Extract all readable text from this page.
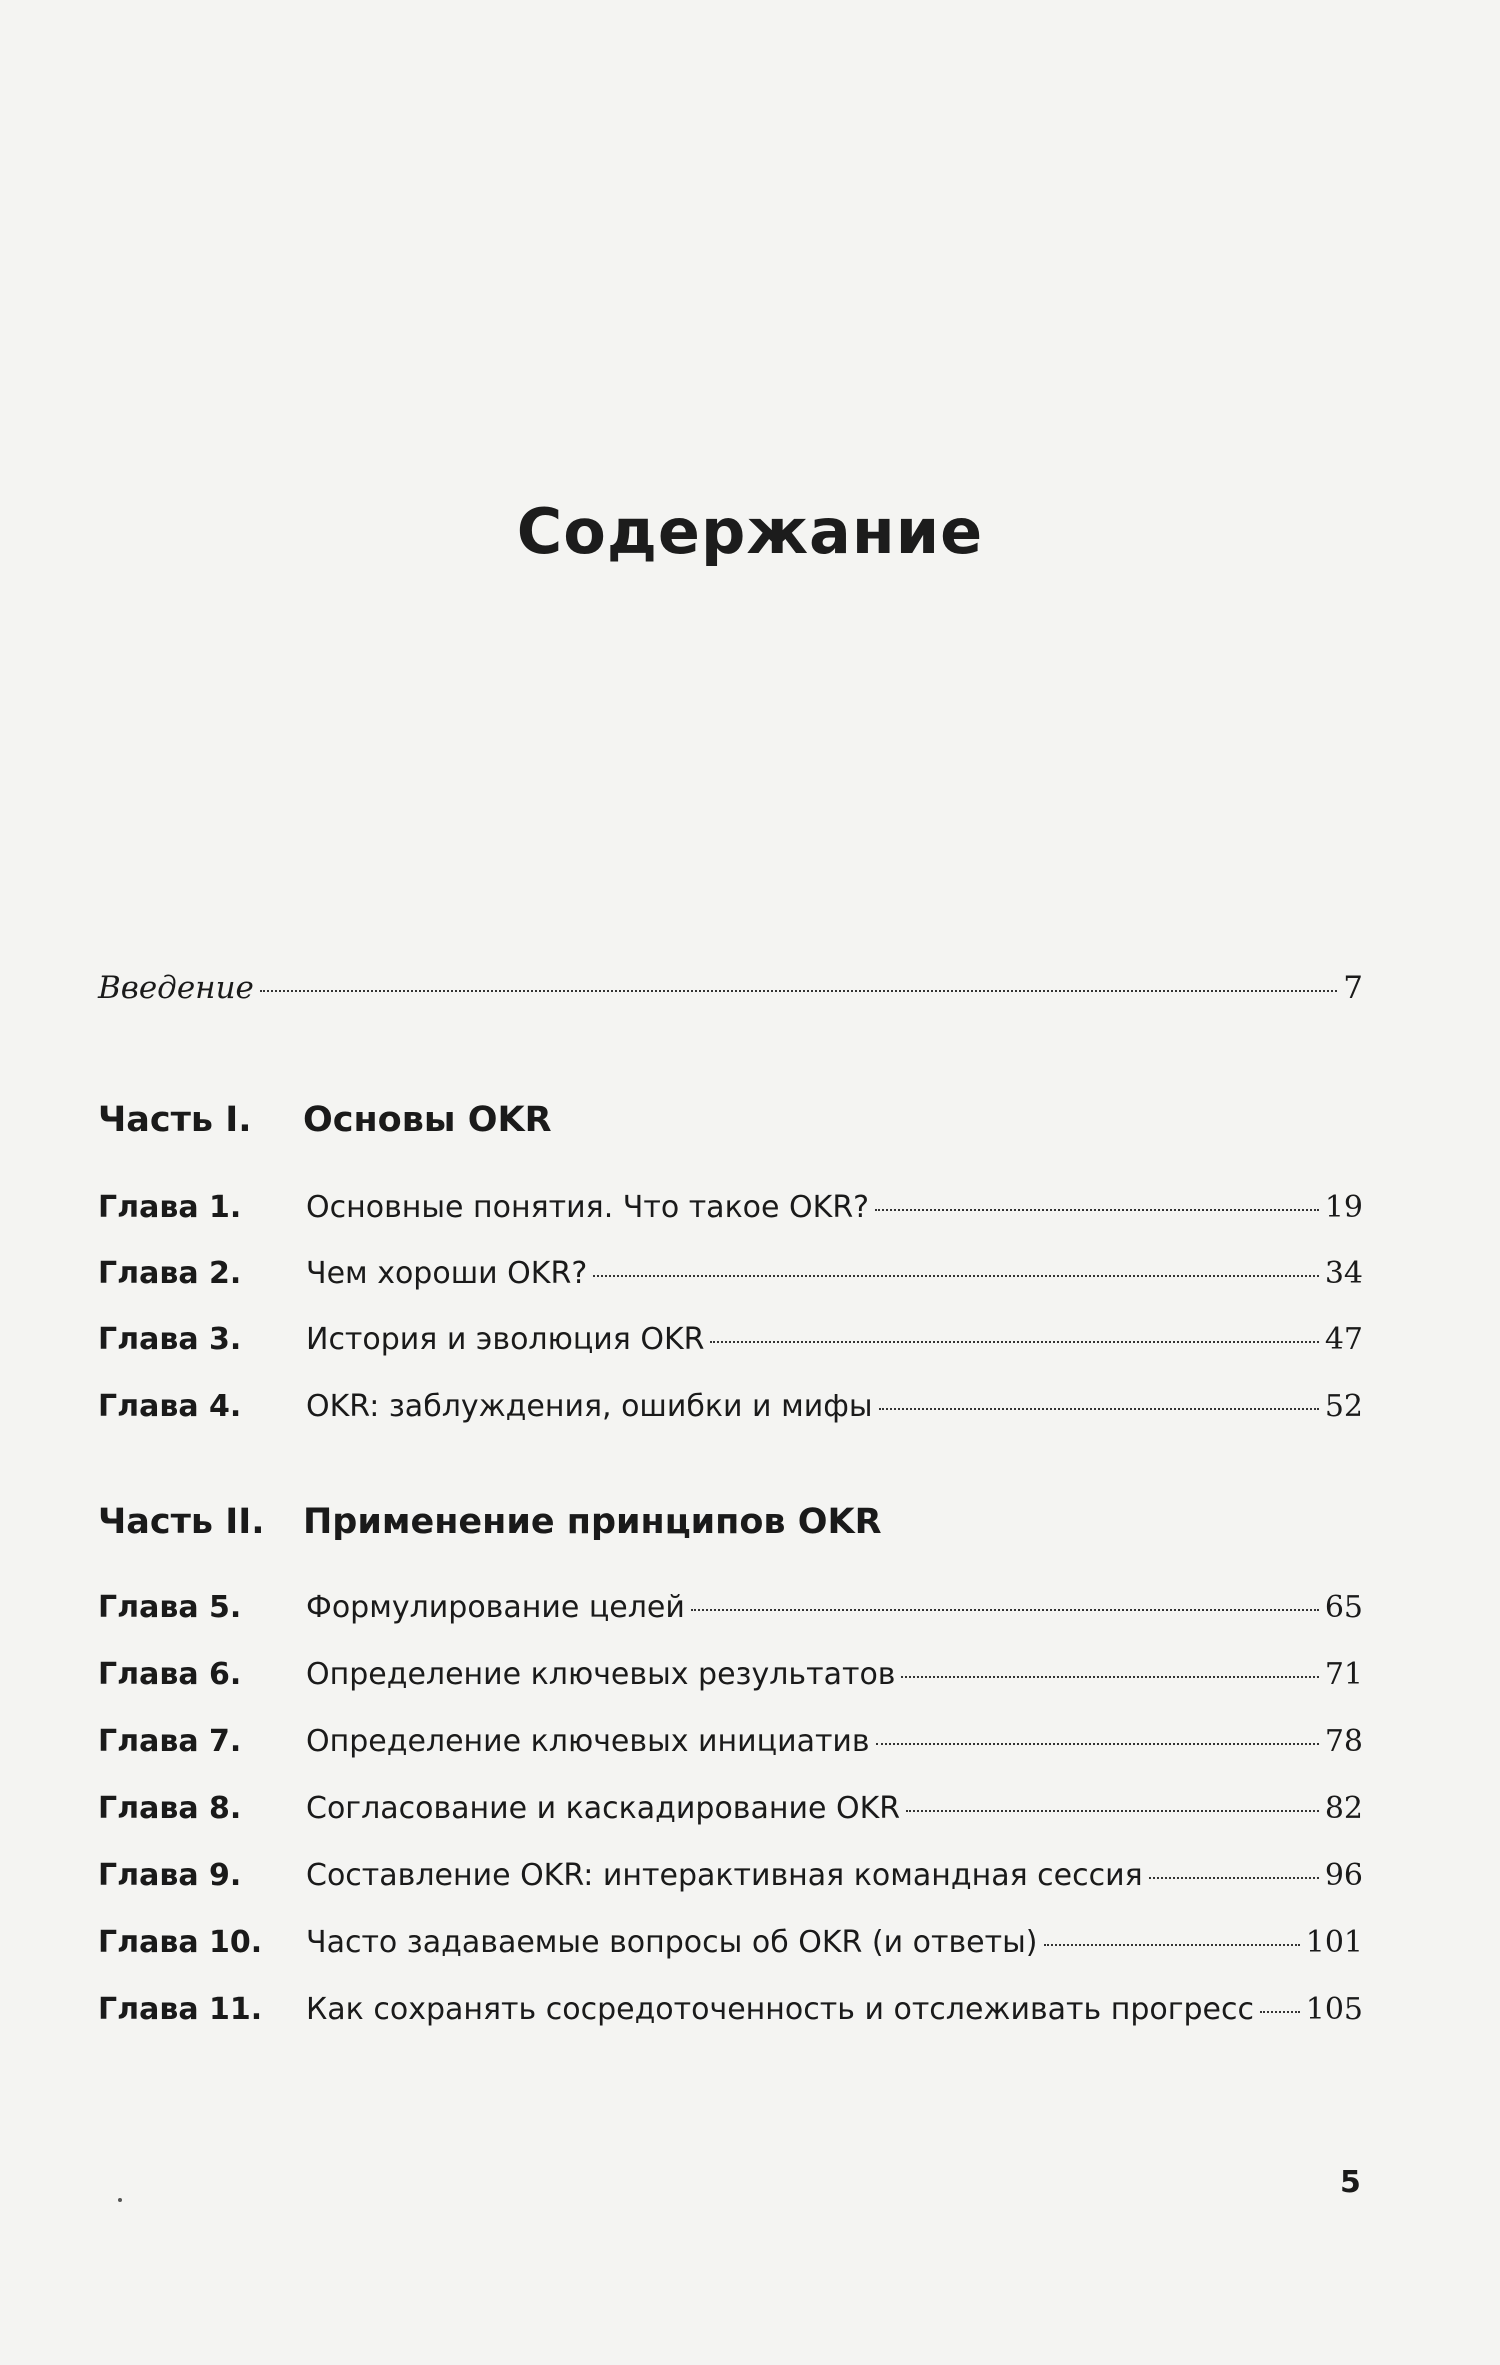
Содержание
Введение	7
Часть I.	Основы OKR
Глава 1.	Основные понятия. Что такое OKR?	19
Глава 2.	Чем хороши OKR?	34
Глава 3.	История и эволюция OKR	47
Глава 4.	OKR: заблуждения, ошибки и мифы	52
Часть II.	Применение принципов OKR
Глава 5.	Формулирование целей	65
Глава 6.	Определение ключевых результатов	71
Глава 7.	Определение ключевых инициатив	78
Глава 8.	Согласование и каскадирование OKR	82
Глава 9.	Составление OKR: интерактивная командная сессия	96
Глава 10.	Часто задаваемые вопросы об OKR (и ответы)	101
Глава 11.	Как сохранять сосредоточенность и отслеживать прогресс 105
5
